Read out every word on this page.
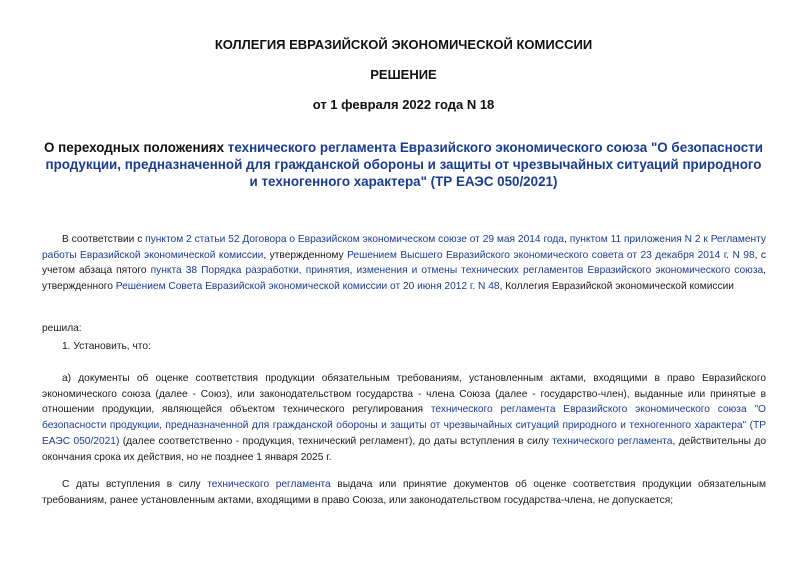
КОЛЛЕГИЯ ЕВРАЗИЙСКОЙ ЭКОНОМИЧЕСКОЙ КОМИССИИ
РЕШЕНИЕ
от 1 февраля 2022 года N 18
О переходных положениях технического регламента Евразийского экономического союза "О безопасности продукции, предназначенной для гражданской обороны и защиты от чрезвычайных ситуаций природного и техногенного характера" (ТР ЕАЭС 050/2021)
В соответствии с пунктом 2 статьи 52 Договора о Евразийском экономическом союзе от 29 мая 2014 года, пунктом 11 приложения N 2 к Регламенту работы Евразийской экономической комиссии, утвержденному Решением Высшего Евразийского экономического совета от 23 декабря 2014 г. N 98, с учетом абзаца пятого пункта 38 Порядка разработки, принятия, изменения и отмены технических регламентов Евразийского экономического союза, утвержденного Решением Совета Евразийской экономической комиссии от 20 июня 2012 г. N 48, Коллегия Евразийской экономической комиссии
решила:
1. Установить, что:
а) документы об оценке соответствия продукции обязательным требованиям, установленным актами, входящими в право Евразийского экономического союза (далее - Союз), или законодательством государства - члена Союза (далее - государство-член), выданные или принятые в отношении продукции, являющейся объектом технического регулирования технического регламента Евразийского экономического союза "О безопасности продукции, предназначенной для гражданской обороны и защиты от чрезвычайных ситуаций природного и техногенного характера" (ТР ЕАЭС 050/2021) (далее соответственно - продукция, технический регламент), до даты вступления в силу технического регламента, действительны до окончания срока их действия, но не позднее 1 января 2025 г.
С даты вступления в силу технического регламента выдача или принятие документов об оценке соответствия продукции обязательным требованиям, ранее установленным актами, входящими в право Союза, или законодательством государства-члена, не допускается;
